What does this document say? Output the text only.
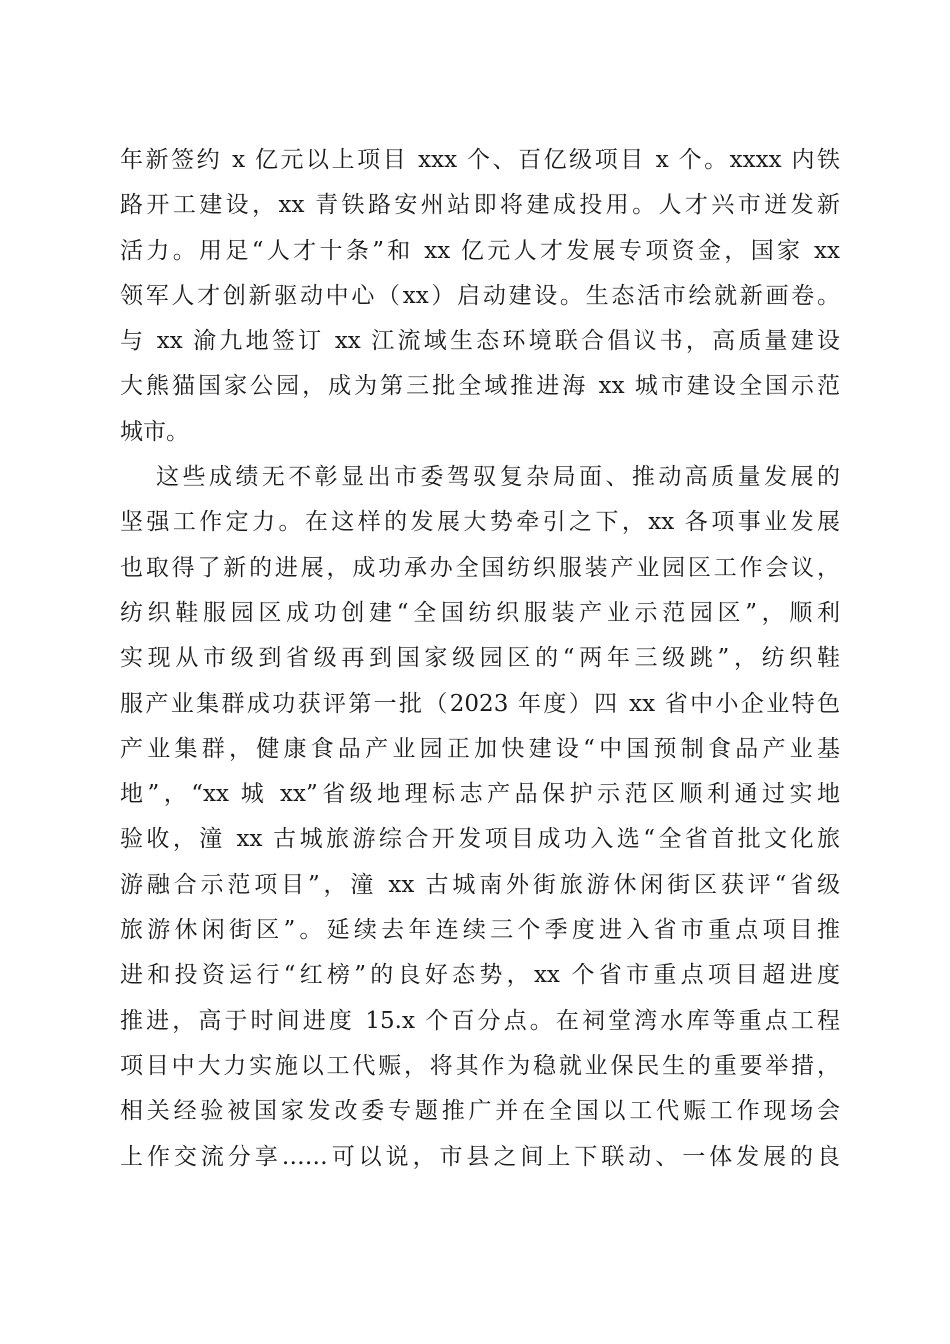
年新签约 x 亿元以上项目 xxx 个、百亿级项目 x 个。xxxx 内铁
路开工建设，xx 青铁路安州站即将建成投用。人才兴市迸发新
活力。用足“人才十条”和 xx 亿元人才发展专项资金，国家 xx
领军人才创新驱动中心（xx）启动建设。生态活市绘就新画卷。
与 xx 渝九地签订 xx 江流域生态环境联合倡议书，高质量建设
大熊猫国家公园，成为第三批全域推进海 xx 城市建设全国示范
城市。
这些成绩无不彰显出市委驾驭复杂局面、推动高质量发展的
坚强工作定力。在这样的发展大势牵引之下，xx 各项事业发展
也取得了新的进展，成功承办全国纺织服装产业园区工作会议，
纺织鞋服园区成功创建“全国纺织服装产业示范园区”，顺利
实现从市级到省级再到国家级园区的“两年三级跳”，纺织鞋
服产业集群成功获评第一批（2023 年度）四 xx 省中小企业特色
产业集群，健康食品产业园正加快建设“中国预制食品产业基
地”，“xx 城 xx”省级地理标志产品保护示范区顺利通过实地
验收，潼 xx 古城旅游综合开发项目成功入选“全省首批文化旅
游融合示范项目”，潼 xx 古城南外街旅游休闲街区获评“省级
旅游休闲街区”。延续去年连续三个季度进入省市重点项目推
进和投资运行“红榜”的良好态势，xx 个省市重点项目超进度
推进，高于时间进度 15.x 个百分点。在祠堂湾水库等重点工程
项目中大力实施以工代赈，将其作为稳就业保民生的重要举措，
相关经验被国家发改委专题推广并在全国以工代赈工作现场会
上作交流分享……可以说，市县之间上下联动、一体发展的良
